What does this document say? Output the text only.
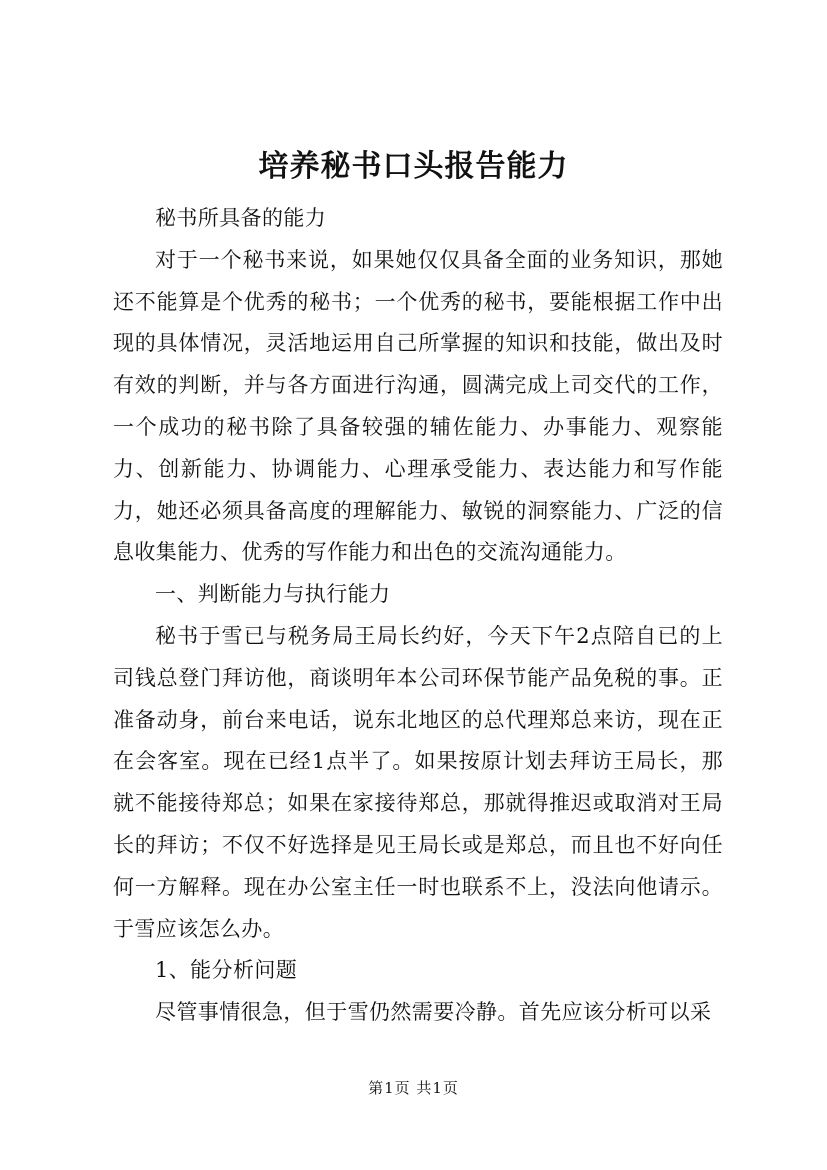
培养秘书口头报告能力

秘书所具备的能力

对于一个秘书来说，如果她仅仅具备全面的业务知识，那她还不能算是个优秀的秘书；一个优秀的秘书，要能根据工作中出现的具体情况，灵活地运用自己所掌握的知识和技能，做出及时有效的判断，并与各方面进行沟通，圆满完成上司交代的工作，一个成功的秘书除了具备较强的辅佐能力、办事能力、观察能力、创新能力、协调能力、心理承受能力、表达能力和写作能力，她还必须具备高度的理解能力、敏锐的洞察能力、广泛的信息收集能力、优秀的写作能力和出色的交流沟通能力。

一、判断能力与执行能力

秘书于雪已与税务局王局长约好，今天下午2点陪自已的上司钱总登门拜访他，商谈明年本公司环保节能产品免税的事。正准备动身，前台来电话，说东北地区的总代理郑总来访，现在正在会客室。现在已经1点半了。如果按原计划去拜访王局长，那就不能接待郑总；如果在家接待郑总，那就得推迟或取消对王局长的拜访；不仅不好选择是见王局长或是郑总，而且也不好向任何一方解释。现在办公室主任一时也联系不上，没法向他请示。于雪应该怎么办。

1、能分析问题

尽管事情很急，但于雪仍然需要冷静。首先应该分析可以采

第1页 共1页
